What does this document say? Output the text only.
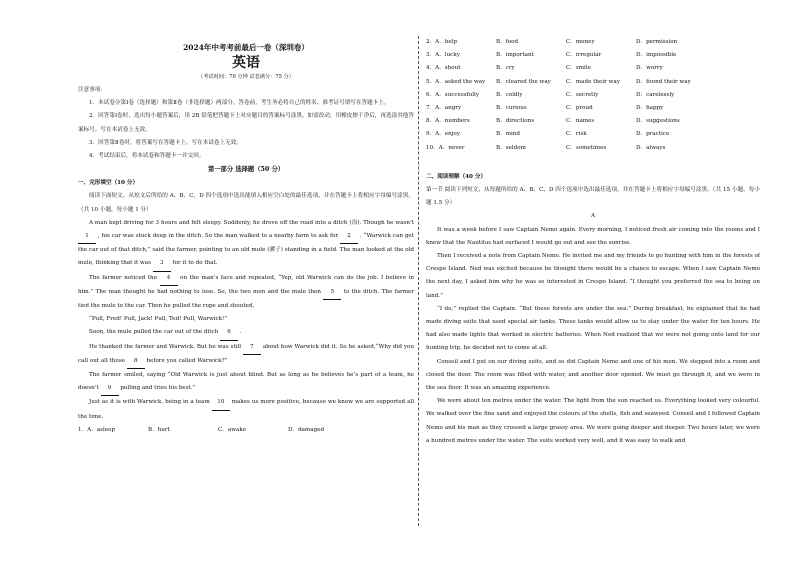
2024年中考考前最后一卷（深圳卷）
英语
（考试时间：70 分钟 试卷满分：75 分）
注意事项：
1．本试卷分第Ⅰ卷（选择题）和第Ⅱ卷（非选择题）两部分。答卷前，考生务必将自己的姓名、准考证号填写在答题卡上。
2．回答第Ⅰ卷时，选出每小题答案后，用 2B 铅笔把答题卡上对应题目的答案标号涂黑。如需改动，用橡皮擦干净后，再选涂其他答案标号。写在本试卷上无效。
3．回答第Ⅱ卷时，将答案写在答题卡上。写在本试卷上无效。
4．考试结束后，将本试卷和答题卡一并交回。
第一部分 选择题（50 分）
一、完形填空（10 分）
阅读下面短文，从短文后所给的 A、B、C、D 四个选项中选出能填入相应空白处的最佳选项，并在答题卡上将相应字母编号涂黑。（共 10 小题，每小题 1 分）
A man kept driving for 3 hours and felt sleepy. Suddenly, he drove off the road into a ditch (沟). Though he wasn’t 1 , his car was stuck deep in the ditch. So the man walked to a nearby farm to ask for 2 . “Warwick can get the car out of that ditch,” said the farmer, pointing to an old mule (骡子) standing in a field. The man looked at the old mule, thinking that it was 3 for it to do that.
The farmer noticed the 4 on the man’s face and repeated, “Yep, old Warwick can do the job. I believe in him.” The man thought he had nothing to lose. So, the two men and the mule then 5 to the ditch. The farmer tied the mule to the car. Then he pulled the rope and shouted,
“Pull, Fred! Pull, Jack! Pull, Ted! Pull, Warwick!”
Soon, the mule pulled the car out of the ditch 6 .
He thanked the farmer and Warwick. But he was still 7 about how Warwick did it. So he asked,“Why did you call out all those 8 before you called Warwick?”
The farmer smiled, saying “Old Warwick is just about blind. But as long as he believes he’s part of a team, he doesn’t 9 pulling and tries his best.”
Just as it is with Warwick, being in a team 10 makes us more positive, because we know we are supported all the time.
1．A．asleep	B．hurt	C．awake	D．damaged
2．A．help	B．food	C．money	D．permission
3．A．lucky	B．important	C．irregular	D．impossible
4．A．shout	B．cry	C．smile	D．worry
5．A．asked the way	B．cleared the way	C．made their way	D．found their way
6．A．successfully	B．coldly	C．secretly	D．carelessly
7．A．angry	B．curious	C．proud	D．happy
8．A．numbers	B．directions	C．names	D．suggestions
9．A．enjoy	B．mind	C．risk	D．practice
10．A．never	B．seldom	C．sometimes	D．always
二、阅读理解（40 分）
第一节 阅读下列短文，从每题所给的 A、B、C、D 四个选项中选出最佳选项，并在答题卡上将相应字母编号涂黑。（共 15 小题，每小题 1.5 分）
A
It was a week before I saw Captain Nemo again. Every morning, I noticed fresh air coming into the rooms and I knew that the Nautilus had surfaced I would go out and see the sunrise.
Then I received a note from Captain Nemo. He invited me and my friends to go hunting with him in the forests of Crespo Island. Ned was excited because he thought there would be a chance to escape. When I saw Captain Nemo the next day, I asked him why he was so interested in Crespo Island. “I thought you preferred the sea to being on land.”
“I do,” replied the Captain. “But these forests are under the sea.” During breakfast, he explained that he had made diving suits that used special air tanks. These tanks would allow us to stay under the water for ten hours. He had also made lights that worked in electric batteries. When Ned realized that we were not going onto land for our hunting trip, he decided not to come at all.
Conseil and I put on our diving suits, and so did Captain Nemo and one of his men. We stepped into a room and closed the door. The room was filled with water, and another door opened. We must go through it, and we were in the sea floor. It was an amazing experience.
We were about ten metres under the water. The light from the sun reached us. Everything looked very colourful. We walked over the fine sand and enjoyed the colours of the shells, fish and seaweed. Conseil and I followed Captain Nemo and his man as they crossed a large grassy area. We were going deeper and deeper. Two hours later, we were a hundred metres under the water. The suits worked very well, and it was easy to walk and
